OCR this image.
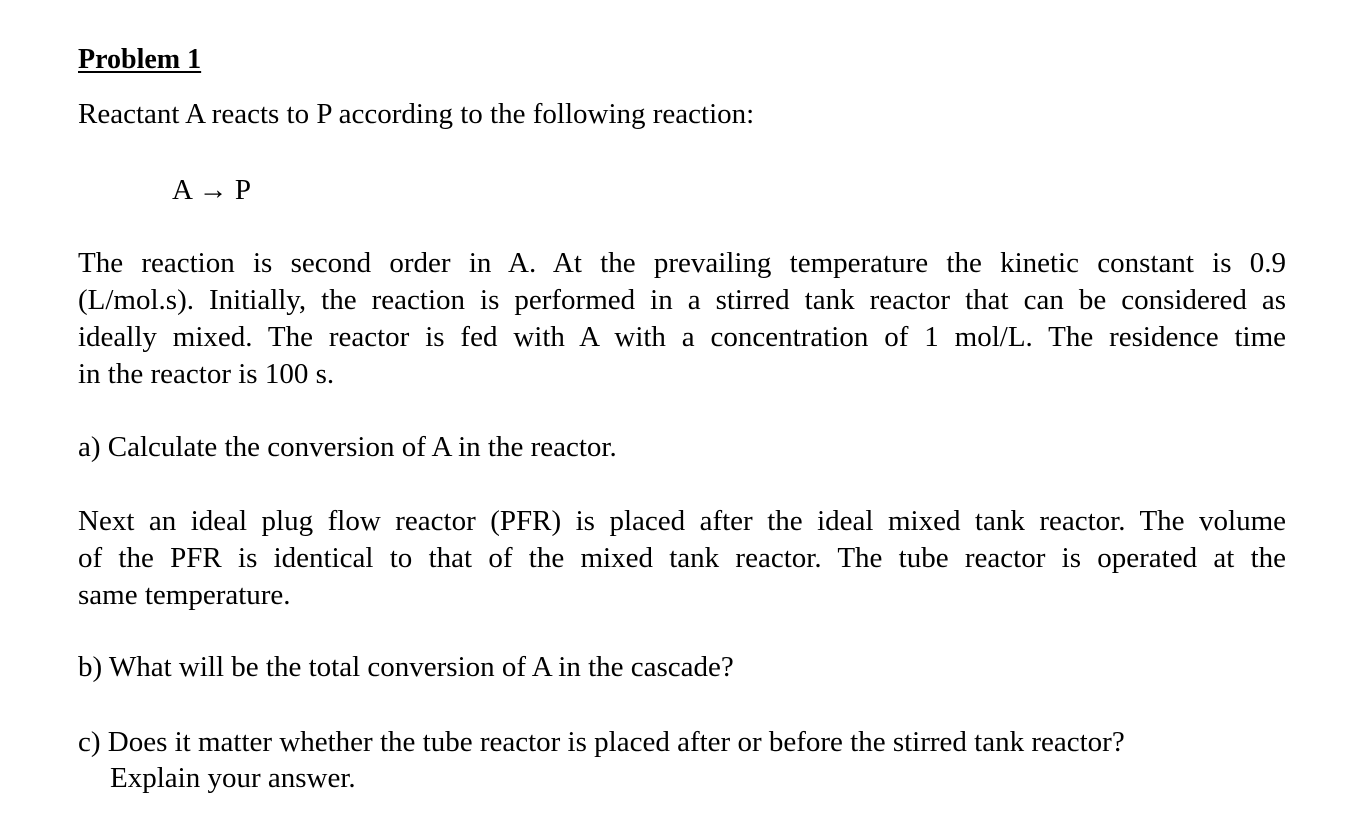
Problem 1
Reactant A reacts to P according to the following reaction:
A → P
The reaction is second order in A. At the prevailing temperature the kinetic constant is 0.9
(L/mol.s). Initially, the reaction is performed in a stirred tank reactor that can be considered as
ideally mixed. The reactor is fed with A with a concentration of 1 mol/L. The residence time
in the reactor is 100 s.
a) Calculate the conversion of A in the reactor.
Next an ideal plug flow reactor (PFR) is placed after the ideal mixed tank reactor. The volume
of the PFR is identical to that of the mixed tank reactor. The tube reactor is operated at the
same temperature.
b) What will be the total conversion of A in the cascade?
c) Does it matter whether the tube reactor is placed after or before the stirred tank reactor?
Explain your answer.
